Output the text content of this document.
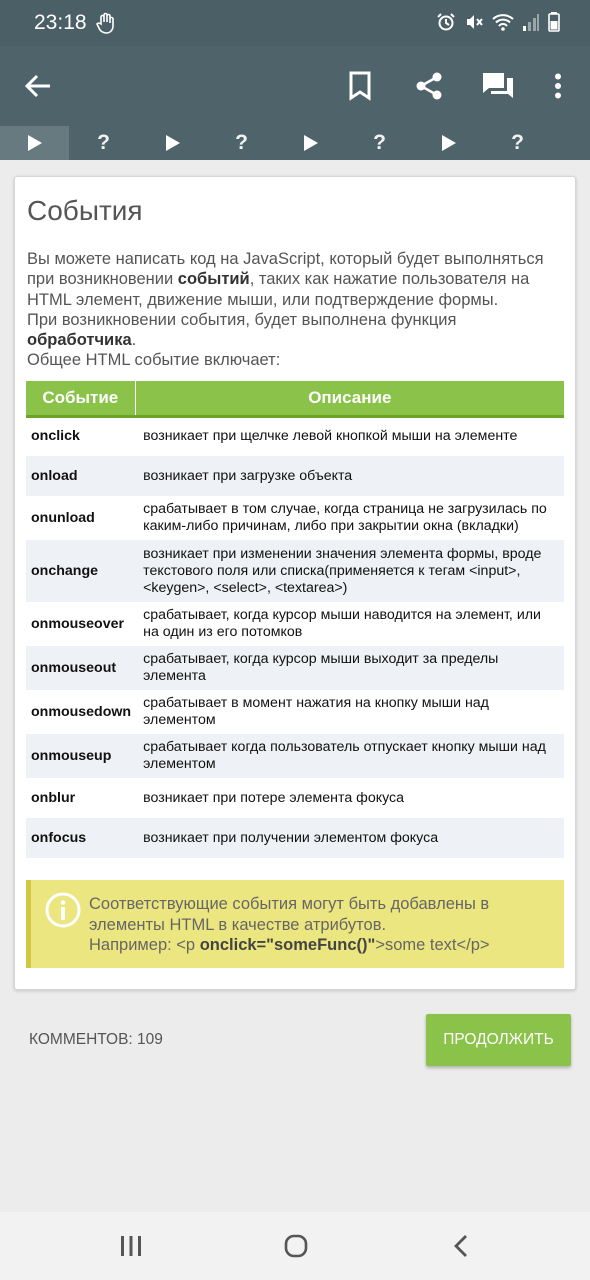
23:18
?	?	?	?
События
Вы можете написать код на JavaScript, который будет выполняться при возникновении событий, таких как нажатие пользователя на HTML элемент, движение мыши, или подтверждение формы.
При возникновении события, будет выполнена функция обработчика.
Общее HTML событие включает:
Событие	Описание
onclick	возникает при щелчке левой кнопкой мыши на элементе
onload	возникает при загрузке объекта
onunload	срабатывает в том случае, когда страница не загрузилась по каким-либо причинам, либо при закрытии окна (вкладки)
onchange	возникает при изменении значения элемента формы, вроде текстового поля или списка(применяется к тегам <input>, <keygen>, <select>, <textarea>)
onmouseover	срабатывает, когда курсор мыши наводится на элемент, или на один из его потомков
onmouseout	срабатывает, когда курсор мыши выходит за пределы элемента
onmousedown	срабатывает в момент нажатия на кнопку мыши над элементом
onmouseup	срабатывает когда пользователь отпускает кнопку мыши над элементом
onblur	возникает при потере элемента фокуса
onfocus	возникает при получении элементом фокуса
Соответствующие события могут быть добавлены в элементы HTML в качестве атрибутов.
Например: <p onclick="someFunc()">some text</p>
КОММЕНТОВ: 109	ПРОДОЛЖИТЬ
